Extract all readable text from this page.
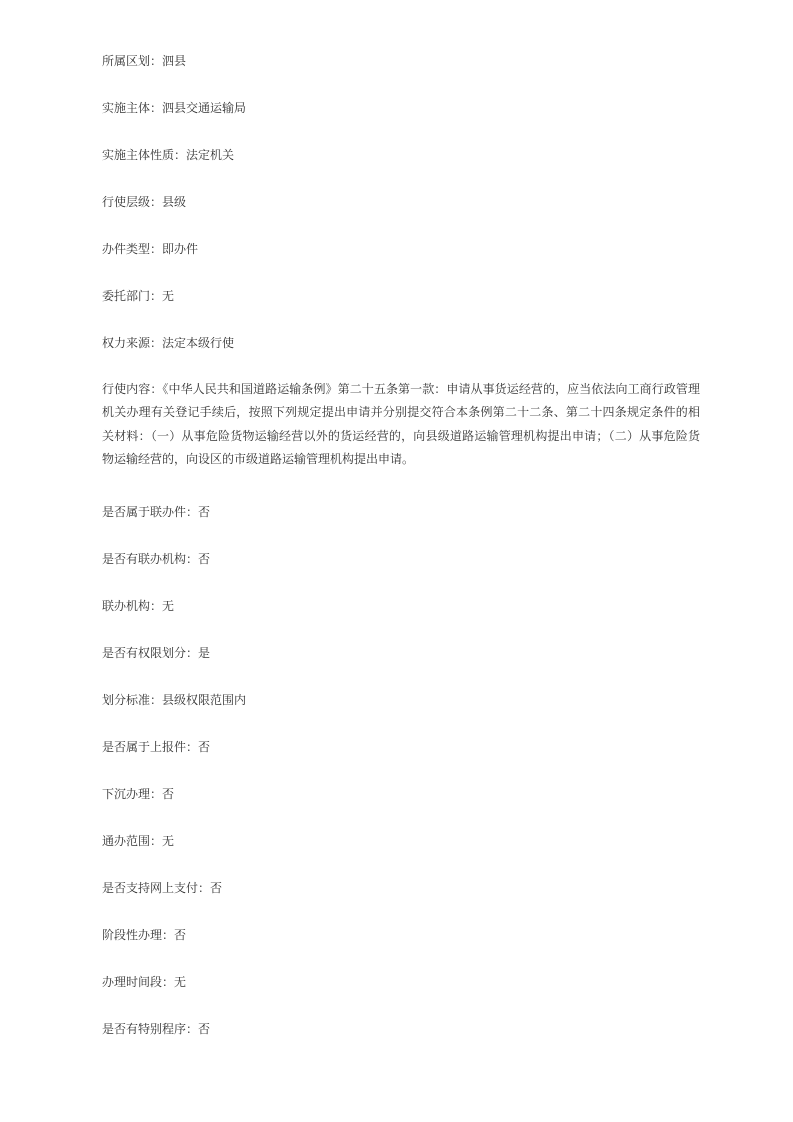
所属区划：泗县

实施主体：泗县交通运输局

实施主体性质：法定机关

行使层级：县级

办件类型：即办件

委托部门：无

权力来源：法定本级行使

行使内容：《中华人民共和国道路运输条例》第二十五条第一款：申请从事货运经营的，应当依法向工商行政管理机关办理有关登记手续后，按照下列规定提出申请并分别提交符合本条例第二十二条、第二十四条规定条件的相关材料：（一）从事危险货物运输经营以外的货运经营的，向县级道路运输管理机构提出申请；（二）从事危险货物运输经营的，向设区的市级道路运输管理机构提出申请。

是否属于联办件：否

是否有联办机构：否

联办机构：无

是否有权限划分：是

划分标准：县级权限范围内

是否属于上报件：否

下沉办理：否

通办范围：无

是否支持网上支付：否

阶段性办理：否

办理时间段：无

是否有特别程序：否
